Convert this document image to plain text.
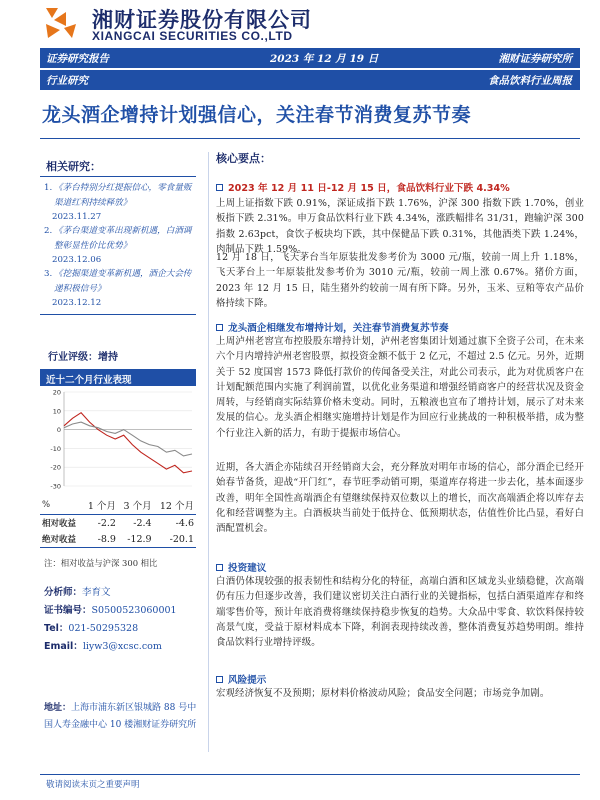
湘财证券股份有限公司
XIANGCAI SECURITIES CO.,LTD
证券研究报告	2023 年 12 月 19 日	湘财证券研究所
行业研究	食品饮料行业周报
龙头酒企增持计划强信心，关注春节消费复苏节奏
相关研究：
1. 《茅台特别分红提振信心，零食量贩渠道红利持续释放》
2023.11.27
2. 《茅台渠道变革出现新机遇，白酒调整彰显性价比优势》
2023.12.06
3. 《挖掘渠道变革新机遇，酒企大会传递积极信号》
2023.12.12
行业评级：增持
近十二个月行业表现
20
10
0
-10
-20
-30
%	1 个月	3 个月	12 个月
相对收益	-2.2	-2.4	-4.6
绝对收益	-8.9	-12.9	-20.1
注：相对收益与沪深 300 相比
分析师：李育文
证书编号：S0500523060001
Tel：021-50295328
Email：liyw3@xcsc.com
地址：上海市浦东新区银城路 88 号中国人寿金融中心 10 楼湘财证券研究所
核心要点：
2023 年 12 月 11 日-12 月 15 日，食品饮料行业下跌 4.34%
上周上证指数下跌 0.91%，深证成指下跌 1.76%，沪深 300 指数下跌 1.70%，创业板指下跌 2.31%。申万食品饮料行业下跌 4.34%，涨跌幅排名 31/31，跑输沪深 300 指数 2.63pct，食饮子板块均下跌，其中保健品下跌 0.31%，其他酒类下跌 1.24%，肉制品下跌 1.59%。
12 月 18 日，飞天茅台当年原装批发参考价为 3000 元/瓶，较前一周上升 1.18%，飞天茅台上一年原装批发参考价为 3010 元/瓶，较前一周上涨 0.67%。猪价方面，2023 年 12 月 15 日，陆生猪外约较前一周有所下降。另外，玉米、豆粕等农产品价格持续下降。
龙头酒企相继发布增持计划，关注春节消费复苏节奏
上周泸州老窖宣布控股股东增持计划，泸州老窖集团计划通过旗下全资子公司，在未来六个月内增持泸州老窖股票，拟投资金额不低于 2 亿元，不超过 2.5 亿元。另外，近期关于 52 度国窖 1573 降低打款价的传闻备受关注，对此公司表示，此为对优质客户在计划配额范围内实施了利润前置，以优化业务渠道和增强经销商客户的经营状况及资金周转，与经销商实际结算价格未变动。同时，五粮液也宣布了增持计划，展示了对未来发展的信心。龙头酒企相继实施增持计划是作为回应行业挑战的一种积极举措，成为整个行业注入新的活力，有助于提振市场信心。
近期，各大酒企亦陆续召开经销商大会，充分释放对明年市场的信心，部分酒企已经开始春节备货，迎战“开门红”，春节旺季动销可期，渠道库存将进一步去化，基本面逐步改善，明年全国性高端酒企有望继续保持双位数以上的增长，而次高端酒企将以库存去化和经营调整为主。白酒板块当前处于低持仓、低预期状态，估值性价比凸显，看好白酒配置机会。
投资建议
白酒仍体现较强的报表韧性和结构分化的特征，高端白酒和区域龙头业绩稳健，次高端仍有压力但逐步改善，我们建议密切关注白酒行业的关键指标，包括白酒渠道库存和终端零售价等，预计年底消费将继续保持稳步恢复的趋势。大众品中零食、软饮料保持较高景气度，受益于原材料成本下降，利润表现持续改善，整体消费复苏趋势明朗。维持食品饮料行业增持评级。
风险提示
宏观经济恢复不及预期；原材料价格波动风险；食品安全问题；市场竞争加剧。
敬请阅读末页之重要声明
